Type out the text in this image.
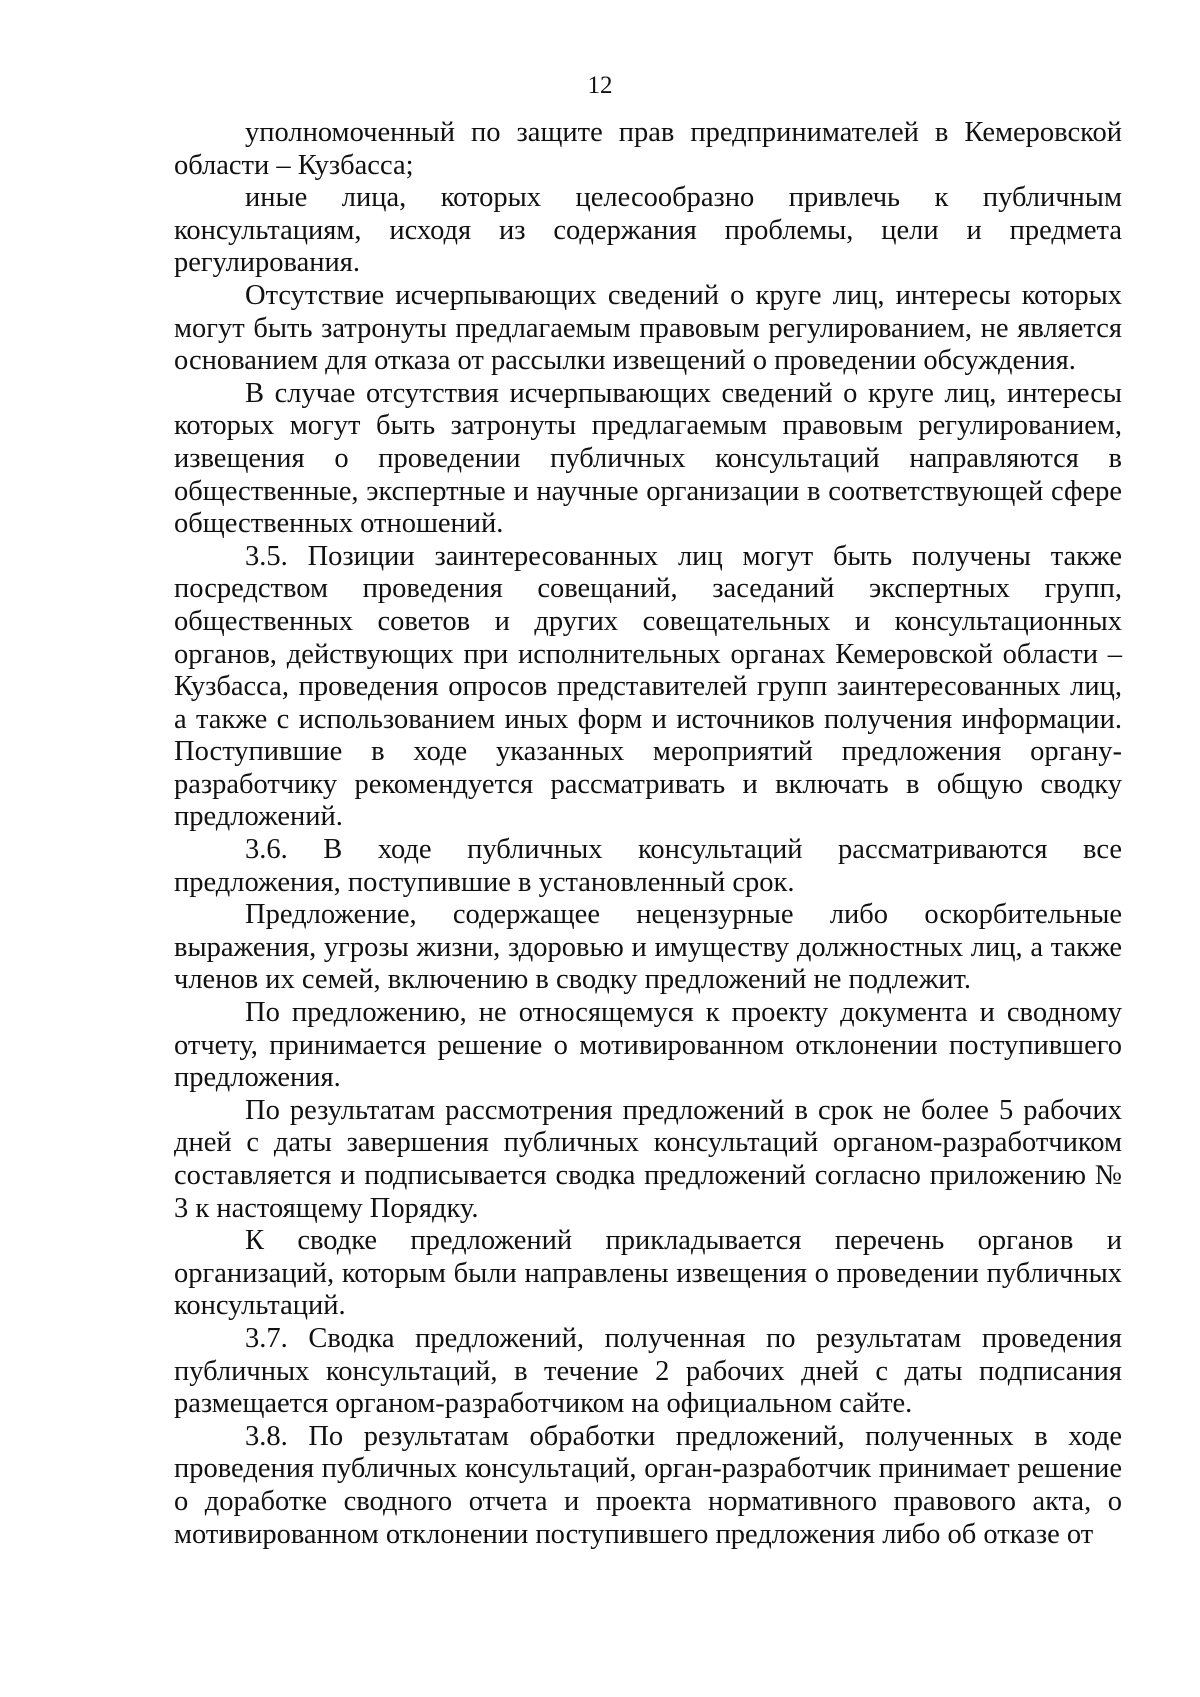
12

уполномоченный по защите прав предпринимателей в Кемеровской области – Кузбасса;

иные лица, которых целесообразно привлечь к публичным консультациям, исходя из содержания проблемы, цели и предмета регулирования.

Отсутствие исчерпывающих сведений о круге лиц, интересы которых могут быть затронуты предлагаемым правовым регулированием, не является основанием для отказа от рассылки извещений о проведении обсуждения.

В случае отсутствия исчерпывающих сведений о круге лиц, интересы которых могут быть затронуты предлагаемым правовым регулированием, извещения о проведении публичных консультаций направляются в общественные, экспертные и научные организации в соответствующей сфере общественных отношений.

3.5. Позиции заинтересованных лиц могут быть получены также посредством проведения совещаний, заседаний экспертных групп, общественных советов и других совещательных и консультационных органов, действующих при исполнительных органах Кемеровской области – Кузбасса, проведения опросов представителей групп заинтересованных лиц, а также с использованием иных форм и источников получения информации. Поступившие в ходе указанных мероприятий предложения органу-разработчику рекомендуется рассматривать и включать в общую сводку предложений.

3.6. В ходе публичных консультаций рассматриваются все предложения, поступившие в установленный срок.

Предложение, содержащее нецензурные либо оскорбительные выражения, угрозы жизни, здоровью и имуществу должностных лиц, а также членов их семей, включению в сводку предложений не подлежит.

По предложению, не относящемуся к проекту документа и сводному отчету, принимается решение о мотивированном отклонении поступившего предложения.

По результатам рассмотрения предложений в срок не более 5 рабочих дней с даты завершения публичных консультаций органом-разработчиком составляется и подписывается сводка предложений согласно приложению № 3 к настоящему Порядку.

К сводке предложений прикладывается перечень органов и организаций, которым были направлены извещения о проведении публичных консультаций.

3.7. Сводка предложений, полученная по результатам проведения публичных консультаций, в течение 2 рабочих дней с даты подписания размещается органом-разработчиком на официальном сайте.

3.8. По результатам обработки предложений, полученных в ходе проведения публичных консультаций, орган-разработчик принимает решение о доработке сводного отчета и проекта нормативного правового акта, о мотивированном отклонении поступившего предложения либо об отказе от
